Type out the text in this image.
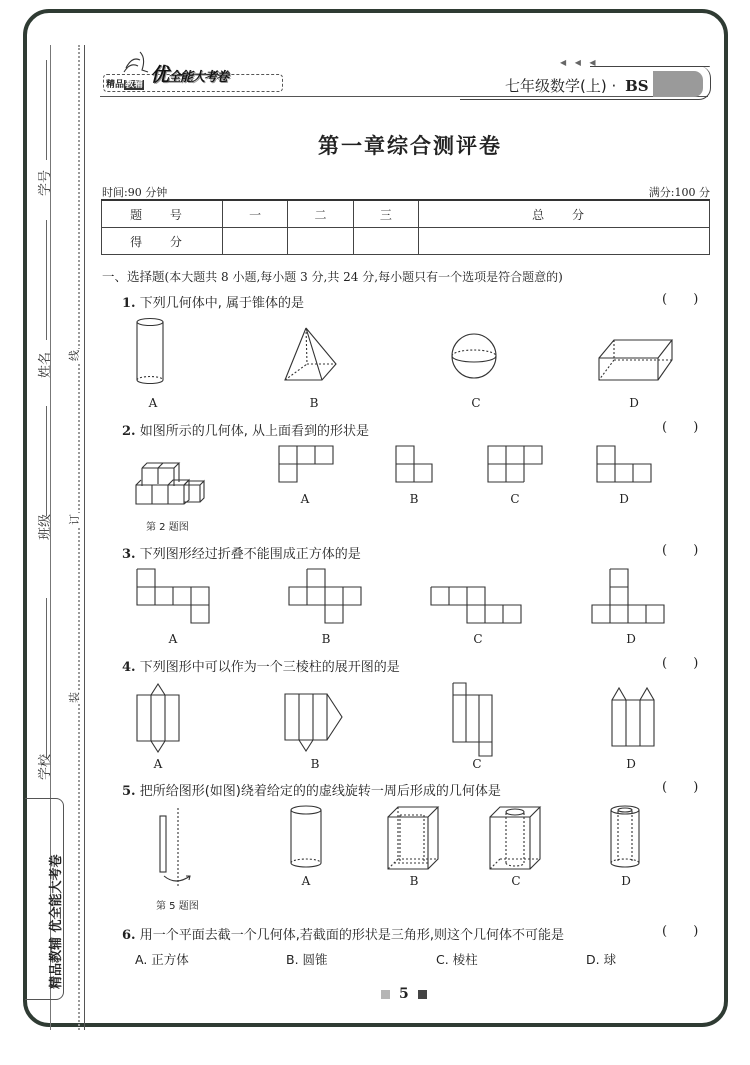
学号
姓名
班级
学校
线
订
装
精品教辅 优全能大考卷
精品教辅 优全能大考卷
◀ ◀ ◀
七年级数学(上) · BS
第一章综合测评卷
时间:90 分钟	满分:100 分
题 号	一	二	三	总 分
得 分				
一、选择题(本大题共 8 小题,每小题 3 分,共 24 分,每小题只有一个选项是符合题意的)
1. 下列几何体中, 属于锥体的是	( )
A	B	C	D
2. 如图所示的几何体, 从上面看到的形状是	( )
第 2 题图
A	B	C	D
3. 下列图形经过折叠不能围成正方体的是	( )
A	B	C	D
4. 下列图形中可以作为一个三棱柱的展开图的是	( )
A	B	C	D
5. 把所给图形(如图)绕着给定的的虚线旋转一周后形成的几何体是	( )
第 5 题图
A	B	C	D
6. 用一个平面去截一个几何体,若截面的形状是三角形,则这个几何体不可能是	( )
A. 正方体	B. 圆锥	C. 棱柱	D. 球
5
